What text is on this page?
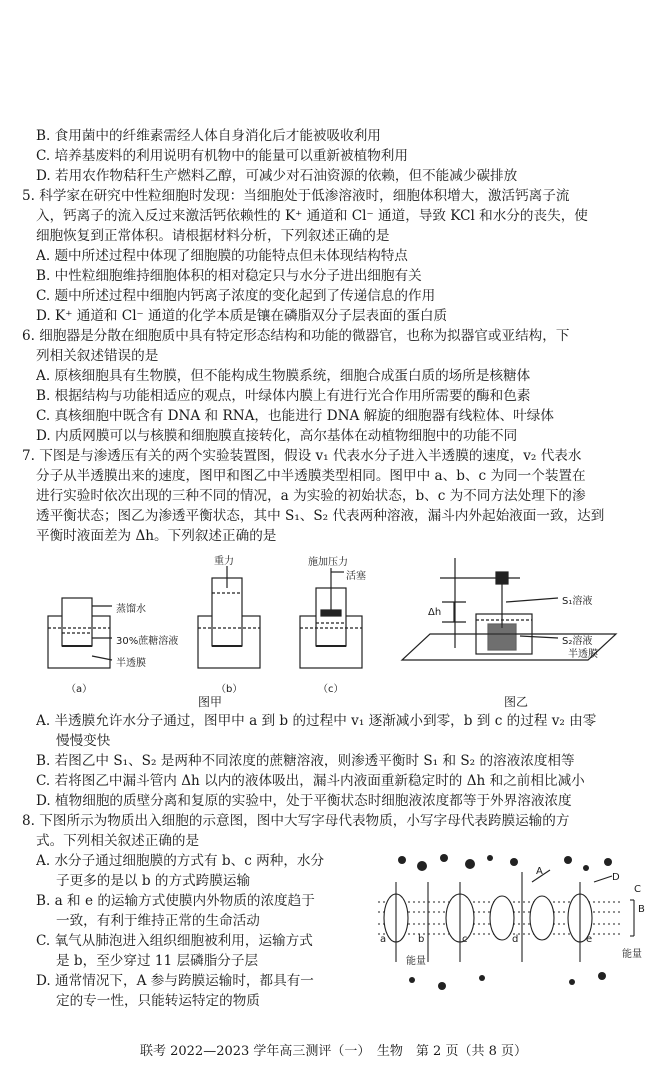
B. 食用菌中的纤维素需经人体自身消化后才能被吸收利用
C. 培养基废料的利用说明有机物中的能量可以重新被植物利用
D. 若用农作物秸秆生产燃料乙醇，可减少对石油资源的依赖，但不能减少碳排放
5. 科学家在研究中性粒细胞时发现：当细胞处于低渗溶液时，细胞体积增大，激活钙离子流
入，钙离子的流入反过来激活钙依赖性的 K⁺ 通道和 Cl⁻ 通道，导致 KCl 和水分的丧失，使
细胞恢复到正常体积。请根据材料分析，下列叙述正确的是
A. 题中所述过程中体现了细胞膜的功能特点但未体现结构特点
B. 中性粒细胞维持细胞体积的相对稳定只与水分子进出细胞有关
C. 题中所述过程中细胞内钙离子浓度的变化起到了传递信息的作用
D. K⁺ 通道和 Cl⁻ 通道的化学本质是镶在磷脂双分子层表面的蛋白质
6. 细胞器是分散在细胞质中具有特定形态结构和功能的微器官，也称为拟器官或亚结构，下
列相关叙述错误的是
A. 原核细胞具有生物膜，但不能构成生物膜系统，细胞合成蛋白质的场所是核糖体
B. 根据结构与功能相适应的观点，叶绿体内膜上有进行光合作用所需要的酶和色素
C. 真核细胞中既含有 DNA 和 RNA，也能进行 DNA 解旋的细胞器有线粒体、叶绿体
D. 内质网膜可以与核膜和细胞膜直接转化，高尔基体在动植物细胞中的功能不同
7. 下图是与渗透压有关的两个实验装置图，假设 v₁ 代表水分子进入半透膜的速度，v₂ 代表水
分子从半透膜出来的速度，图甲和图乙中半透膜类型相同。图甲中 a、b、c 为同一个装置在
进行实验时依次出现的三种不同的情况，a 为实验的初始状态，b、c 为不同方法处理下的渗
透平衡状态；图乙为渗透平衡状态，其中 S₁、S₂ 代表两种溶液，漏斗内外起始液面一致，达到
平衡时液面差为 Δh。下列叙述正确的是
蒸馏水
30%蔗糖溶液
半透膜
重力	施加压力
活塞
（a）	（b）	（c）
图甲	图乙
S₁溶液
S₂溶液
半透膜
Δh
A. 半透膜允许水分子通过，图甲中 a 到 b 的过程中 v₁ 逐渐减小到零，b 到 c 的过程 v₂ 由零
慢慢变快
B. 若图乙中 S₁、S₂ 是两种不同浓度的蔗糖溶液，则渗透平衡时 S₁ 和 S₂ 的溶液浓度相等
C. 若将图乙中漏斗管内 Δh 以内的液体吸出，漏斗内液面重新稳定时的 Δh 和之前相比减小
D. 植物细胞的质壁分离和复原的实验中，处于平衡状态时细胞液浓度都等于外界溶液浓度
8. 下图所示为物质出入细胞的示意图，图中大写字母代表物质，小写字母代表跨膜运输的方
式。下列相关叙述正确的是
A. 水分子通过细胞膜的方式有 b、c 两种，水分
子更多的是以 b 的方式跨膜运输
B. a 和 e 的运输方式使膜内外物质的浓度趋于
一致，有利于维持正常的生命活动
C. 氧气从肺泡进入组织细胞被利用，运输方式
是 b，至少穿过 11 层磷脂分子层
D. 通常情况下，A 参与跨膜运输时，都具有一
定的专一性，只能转运特定的物质
A
B
C
D
a	b	c	d	e
能量
能量
联考 2022—2023 学年高三测评（一）　生物　第 2 页（共 8 页）
